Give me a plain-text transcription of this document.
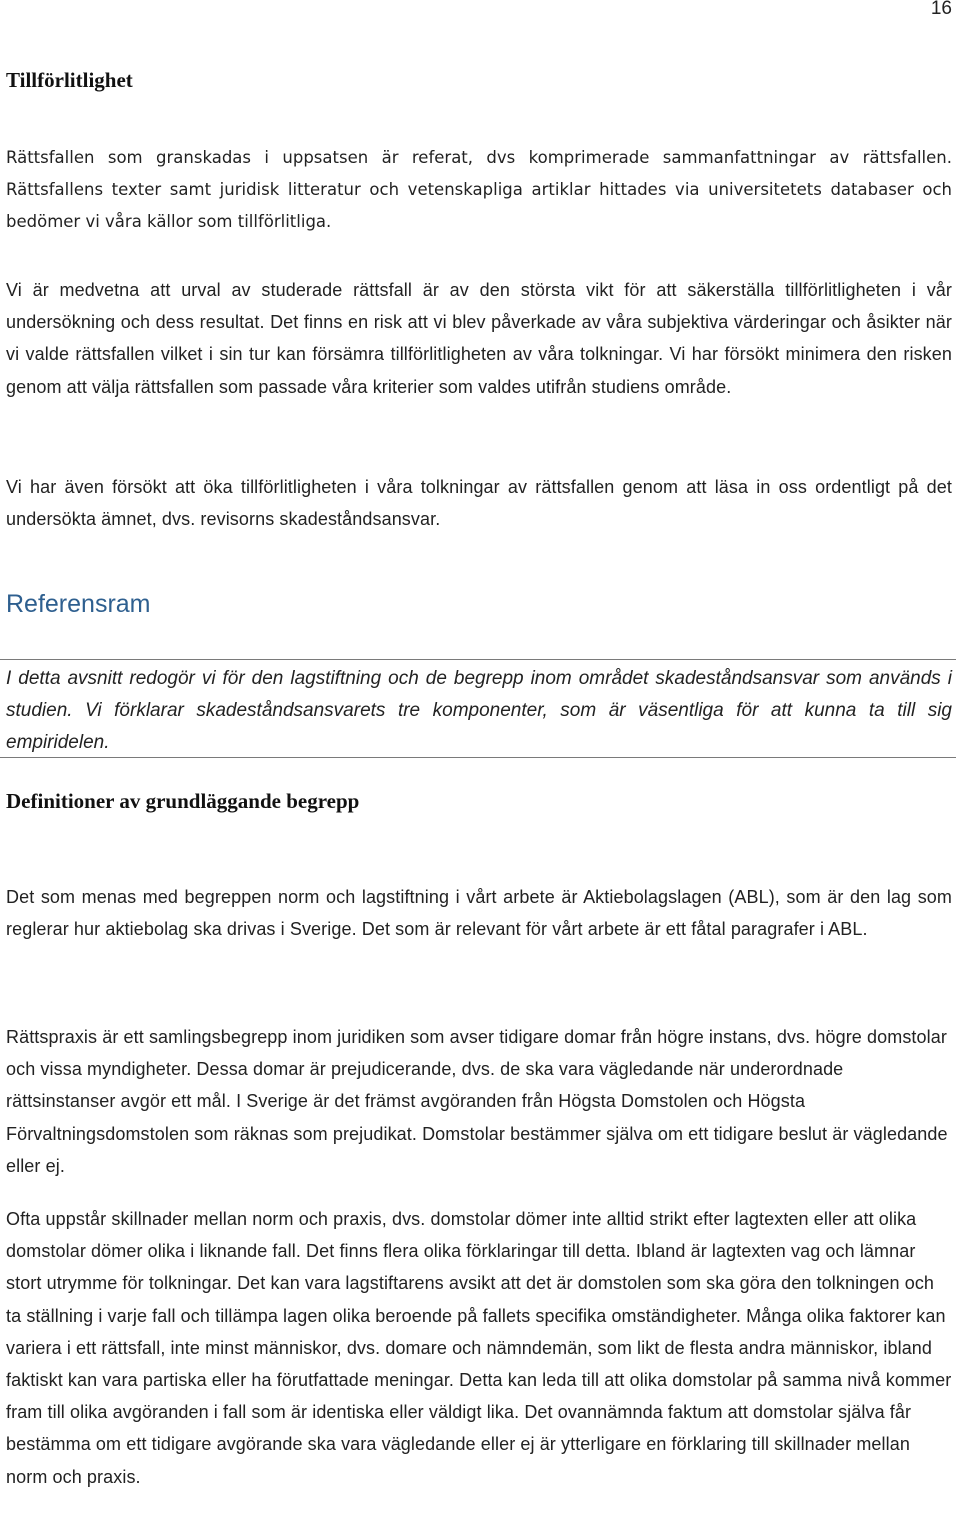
16
Tillförlitlighet

Rättsfallen som granskadas i uppsatsen är referat, dvs komprimerade sammanfattningar av rättsfallen. Rättsfallens texter samt juridisk litteratur och vetenskapliga artiklar hittades via universitetets databaser och bedömer vi våra källor som tillförlitliga.

Vi är medvetna att urval av studerade rättsfall är av den största vikt för att säkerställa tillförlitligheten i vår undersökning och dess resultat. Det finns en risk att vi blev påverkade av våra subjektiva värderingar och åsikter när vi valde rättsfallen vilket i sin tur kan försämra tillförlitligheten av våra tolkningar. Vi har försökt minimera den risken genom att välja rättsfallen som passade våra kriterier som valdes utifrån studiens område.

Vi har även försökt att öka tillförlitligheten i våra tolkningar av rättsfallen genom att läsa in oss ordentligt på det undersökta ämnet, dvs. revisorns skadeståndsansvar.

Referensram

I detta avsnitt redogör vi för den lagstiftning och de begrepp inom området skadeståndsansvar som används i studien. Vi förklarar skadeståndsansvarets tre komponenter, som är väsentliga för att kunna ta till sig empiridelen.

Definitioner av grundläggande begrepp

Det som menas med begreppen norm och lagstiftning i vårt arbete är Aktiebolagslagen (ABL), som är den lag som reglerar hur aktiebolag ska drivas i Sverige. Det som är relevant för vårt arbete är ett fåtal paragrafer i ABL.

Rättspraxis är ett samlingsbegrepp inom juridiken som avser tidigare domar från högre instans, dvs. högre domstolar och vissa myndigheter. Dessa domar är prejudicerande, dvs. de ska vara vägledande när underordnade rättsinstanser avgör ett mål. I Sverige är det främst avgöranden från Högsta Domstolen och Högsta Förvaltningsdomstolen som räknas som prejudikat. Domstolar bestämmer själva om ett tidigare beslut är vägledande eller ej.

Ofta uppstår skillnader mellan norm och praxis, dvs. domstolar dömer inte alltid strikt efter lagtexten eller att olika domstolar dömer olika i liknande fall. Det finns flera olika förklaringar till detta. Ibland är lagtexten vag och lämnar stort utrymme för tolkningar. Det kan vara lagstiftarens avsikt att det är domstolen som ska göra den tolkningen och ta ställning i varje fall och tillämpa lagen olika beroende på fallets specifika omständigheter. Många olika faktorer kan variera i ett rättsfall, inte minst människor, dvs. domare och nämndemän, som likt de flesta andra människor, ibland faktiskt kan vara partiska eller ha förutfattade meningar. Detta kan leda till att olika domstolar på samma nivå kommer fram till olika avgöranden i fall som är identiska eller väldigt lika. Det ovannämnda faktum att domstolar själva får bestämma om ett tidigare avgörande ska vara vägledande eller ej är ytterligare en förklaring till skillnader mellan norm och praxis.
